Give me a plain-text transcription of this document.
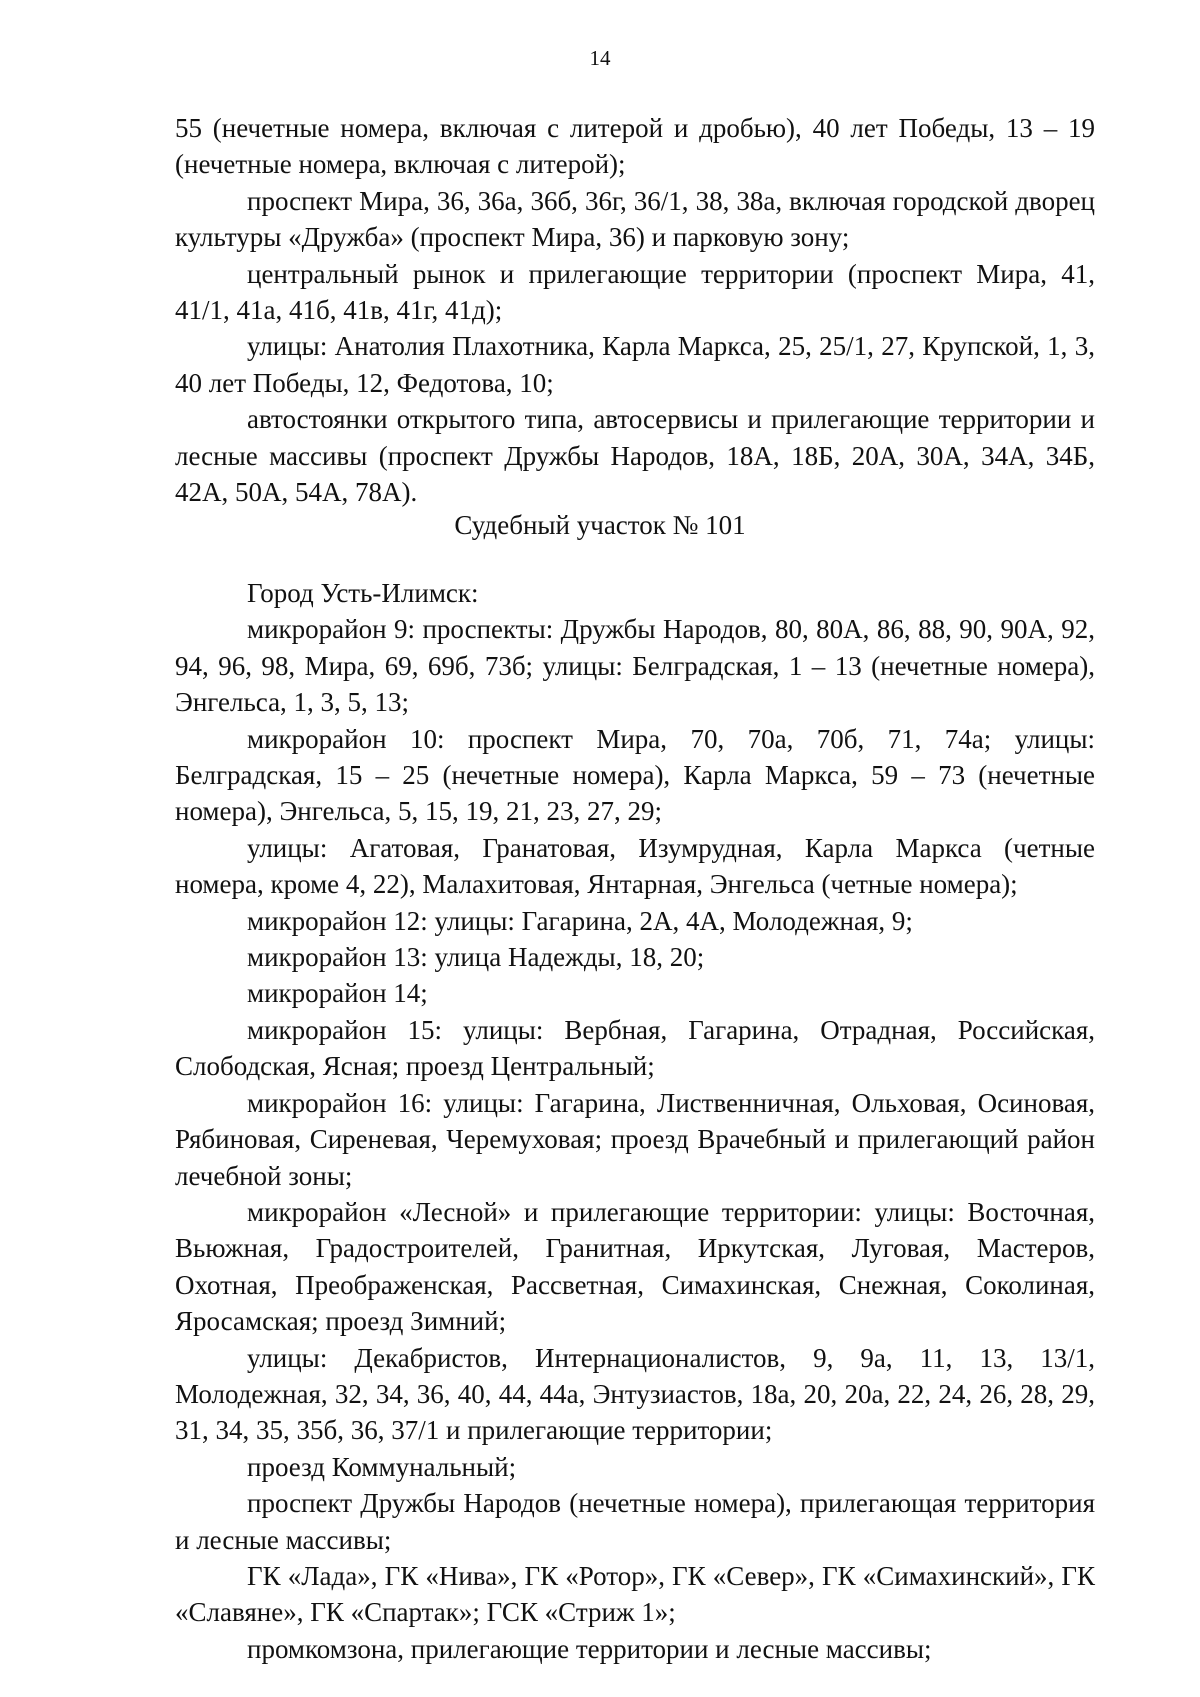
14

55 (нечетные номера, включая с литерой и дробью), 40 лет Победы, 13 – 19 (нечетные номера, включая с литерой);

проспект Мира, 36, 36а, 36б, 36г, 36/1, 38, 38а, включая городской дворец культуры «Дружба» (проспект Мира, 36) и парковую зону;

центральный рынок и прилегающие территории (проспект Мира, 41, 41/1, 41а, 41б, 41в, 41г, 41д);

улицы: Анатолия Плахотника, Карла Маркса, 25, 25/1, 27, Крупской, 1, 3, 40 лет Победы, 12, Федотова, 10;

автостоянки открытого типа, автосервисы и прилегающие территории и лесные массивы (проспект Дружбы Народов, 18А, 18Б, 20А, 30А, 34А, 34Б, 42А, 50А, 54А, 78А).

Судебный участок № 101

Город Усть-Илимск:

микрорайон 9: проспекты: Дружбы Народов, 80, 80А, 86, 88, 90, 90А, 92, 94, 96, 98, Мира, 69, 69б, 73б; улицы: Белградская, 1 – 13 (нечетные номера), Энгельса, 1, 3, 5, 13;

микрорайон 10: проспект Мира, 70, 70а, 70б, 71, 74а; улицы: Белградская, 15 – 25 (нечетные номера), Карла Маркса, 59 – 73 (нечетные номера), Энгельса, 5, 15, 19, 21, 23, 27, 29;

улицы: Агатовая, Гранатовая, Изумрудная, Карла Маркса (четные номера, кроме 4, 22), Малахитовая, Янтарная, Энгельса (четные номера);

микрорайон 12: улицы: Гагарина, 2А, 4А, Молодежная, 9;

микрорайон 13: улица Надежды, 18, 20;

микрорайон 14;

микрорайон 15: улицы: Вербная, Гагарина, Отрадная, Российская, Слободская, Ясная; проезд Центральный;

микрорайон 16: улицы: Гагарина, Лиственничная, Ольховая, Осиновая, Рябиновая, Сиреневая, Черемуховая; проезд Врачебный и прилегающий район лечебной зоны;

микрорайон «Лесной» и прилегающие территории: улицы: Восточная, Вьюжная, Градостроителей, Гранитная, Иркутская, Луговая, Мастеров, Охотная, Преображенская, Рассветная, Симахинская, Снежная, Соколиная, Яросамская; проезд Зимний;

улицы: Декабристов, Интернационалистов, 9, 9а, 11, 13, 13/1, Молодежная, 32, 34, 36, 40, 44, 44а, Энтузиастов, 18а, 20, 20а, 22, 24, 26, 28, 29, 31, 34, 35, 35б, 36, 37/1 и прилегающие территории;

проезд Коммунальный;

проспект Дружбы Народов (нечетные номера), прилегающая территория и лесные массивы;

ГК «Лада», ГК «Нива», ГК «Ротор», ГК «Север», ГК «Симахинский», ГК «Славяне», ГК «Спартак»; ГСК «Стриж 1»;

промкомзона, прилегающие территории и лесные массивы;
